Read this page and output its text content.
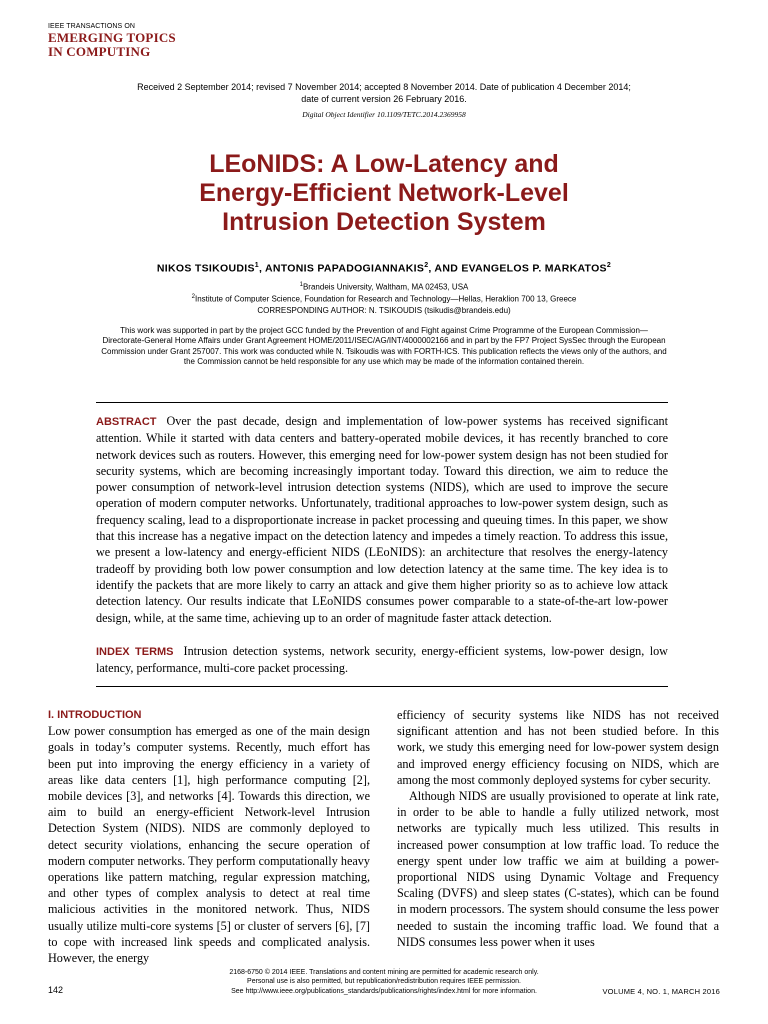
IEEE TRANSACTIONS ON
EMERGING TOPICS
IN COMPUTING
Received 2 September 2014; revised 7 November 2014; accepted 8 November 2014. Date of publication 4 December 2014;
date of current version 26 February 2016.
Digital Object Identifier 10.1109/TETC.2014.2369958
LEoNIDS: A Low-Latency and
Energy-Efficient Network-Level
Intrusion Detection System
NIKOS TSIKOUDIS$^1$, ANTONIS PAPADOGIANNAKIS$^2$, AND EVANGELOS P. MARKATOS$^2$
$^1$Brandeis University, Waltham, MA 02453, USA
$^2$Institute of Computer Science, Foundation for Research and Technology—Hellas, Heraklion 700 13, Greece
CORRESPONDING AUTHOR: N. TSIKOUDIS (tsikudis@brandeis.edu)
This work was supported in part by the project GCC funded by the Prevention of and Fight against Crime Programme of the European Commission—Directorate-General Home Affairs under Grant Agreement HOME/2011/ISEC/AG/INT/4000002166 and in part by the FP7 Project SysSec through the European Commission under Grant 257007. This work was conducted while N. Tsikoudis was with FORTH-ICS. This publication reflects the views only of the authors, and the Commission cannot be held responsible for any use which may be made of the information contained therein.
ABSTRACT Over the past decade, design and implementation of low-power systems has received significant attention. While it started with data centers and battery-operated mobile devices, it has recently branched to core network devices such as routers. However, this emerging need for low-power system design has not been studied for security systems, which are becoming increasingly important today. Toward this direction, we aim to reduce the power consumption of network-level intrusion detection systems (NIDS), which are used to improve the secure operation of modern computer networks. Unfortunately, traditional approaches to low-power system design, such as frequency scaling, lead to a disproportionate increase in packet processing and queuing times. In this paper, we show that this increase has a negative impact on the detection latency and impedes a timely reaction. To address this issue, we present a low-latency and energy-efficient NIDS (LEoNIDS): an architecture that resolves the energy-latency tradeoff by providing both low power consumption and low detection latency at the same time. The key idea is to identify the packets that are more likely to carry an attack and give them higher priority so as to achieve low attack detection latency. Our results indicate that LEoNIDS consumes power comparable to a state-of-the-art low-power design, while, at the same time, achieving up to an order of magnitude faster attack detection.
INDEX TERMS Intrusion detection systems, network security, energy-efficient systems, low-power design, low latency, performance, multi-core packet processing.
I. INTRODUCTION

Low power consumption has emerged as one of the main design goals in today’s computer systems. Recently, much effort has been put into improving the energy efficiency in a variety of areas like data centers [1], high performance computing [2], mobile devices [3], and networks [4]. Towards this direction, we aim to build an energy-efficient Network-level Intrusion Detection System (NIDS). NIDS are commonly deployed to detect security violations, enhancing the secure operation of modern computer networks. They perform computationally heavy operations like pattern matching, regular expression matching, and other types of complex analysis to detect at real time malicious activities in the monitored network. Thus, NIDS usually utilize multi-core systems [5] or cluster of servers [6], [7] to cope with increased link speeds and complicated analysis. However, the energy

efficiency of security systems like NIDS has not received significant attention and has not been studied before. In this work, we study this emerging need for low-power system design and improved energy efficiency focusing on NIDS, which are among the most commonly deployed systems for cyber security.

Although NIDS are usually provisioned to operate at link rate, in order to be able to handle a fully utilized network, most networks are typically much less utilized. This results in increased power consumption at low traffic load. To reduce the energy spent under low traffic we aim at building a power-proportional NIDS using Dynamic Voltage and Frequency Scaling (DVFS) and sleep states (C-states), which can be found in modern processors. The system should consume the less power needed to sustain the incoming traffic load. We found that a NIDS consumes less power when it uses

2168-6750 © 2014 IEEE. Translations and content mining are permitted for academic research only.
Personal use is also permitted, but republication/redistribution requires IEEE permission.
See http://www.ieee.org/publications_standards/publications/rights/index.html for more information.
142	VOLUME 4, NO. 1, MARCH 2016
